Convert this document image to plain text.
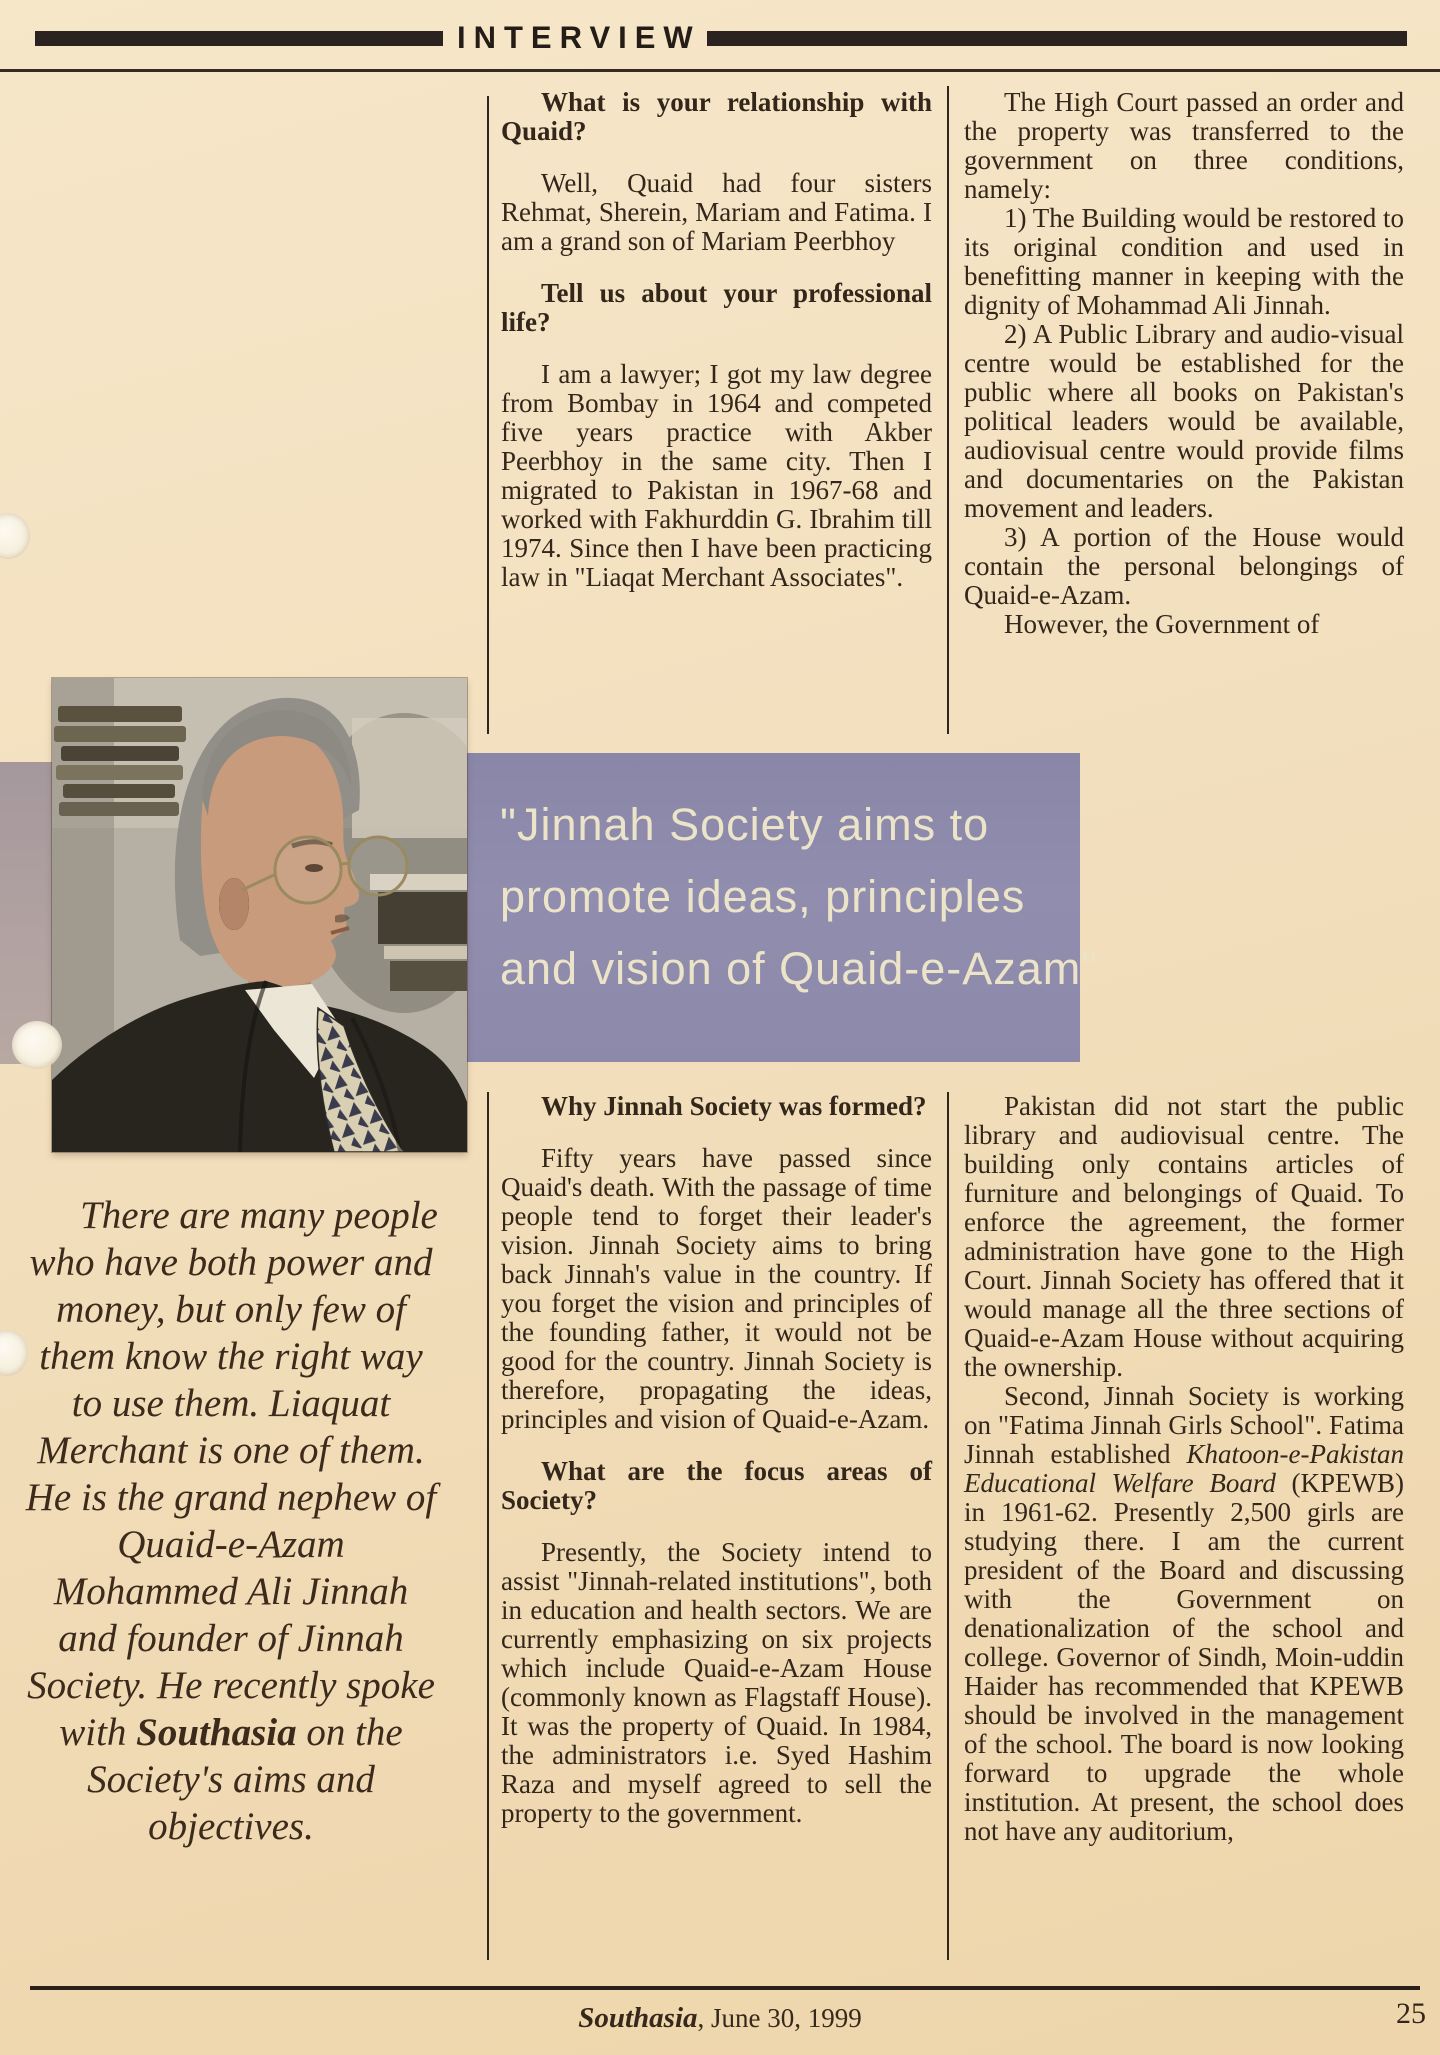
INTERVIEW

What is your relationship with Quaid?

Well, Quaid had four sisters Rehmat, Sherein, Mariam and Fatima. I am a grand son of Mariam Peerbhoy

Tell us about your professional life?

I am a lawyer; I got my law degree from Bombay in 1964 and competed five years practice with Akber Peerbhoy in the same city. Then I migrated to Pakistan in 1967-68 and worked with Fakhurddin G. Ibrahim till 1974. Since then I have been practicing law in "Liaqat Merchant Associates".

The High Court passed an order and the property was transferred to the government on three conditions, namely:

1) The Building would be restored to its original condition and used in benefitting manner in keeping with the dignity of Mohammad Ali Jinnah.

2) A Public Library and audio-visual centre would be established for the public where all books on Pakistan's political leaders would be available, audiovisual centre would provide films and documentaries on the Pakistan movement and leaders.

3) A portion of the House would contain the personal belongings of Quaid-e-Azam.

However, the Government of

"Jinnah Society aims to
promote ideas, principles
and vision of Quaid-e-Azam"
There are many people who have both power and money, but only few of them know the right way to use them. Liaquat Merchant is one of them. He is the grand nephew of Quaid-e-Azam Mohammed Ali Jinnah and founder of Jinnah Society. He recently spoke with Southasia on the Society's aims and objectives.

Why Jinnah Society was formed?

Fifty years have passed since Quaid's death. With the passage of time people tend to forget their leader's vision. Jinnah Society aims to bring back Jinnah's value in the country. If you forget the vision and principles of the founding father, it would not be good for the country. Jinnah Society is therefore, propagating the ideas, principles and vision of Quaid-e-Azam.

What are the focus areas of Society?

Presently, the Society intend to assist "Jinnah-related institutions", both in education and health sectors. We are currently emphasizing on six projects which include Quaid-e-Azam House (commonly known as Flagstaff House). It was the property of Quaid. In 1984, the administrators i.e. Syed Hashim Raza and myself agreed to sell the property to the government.

Pakistan did not start the public library and audiovisual centre. The building only contains articles of furniture and belongings of Quaid. To enforce the agreement, the former administration have gone to the High Court. Jinnah Society has offered that it would manage all the three sections of Quaid-e-Azam House without acquiring the ownership.

Second, Jinnah Society is working on "Fatima Jinnah Girls School". Fatima Jinnah established Khatoon-e-Pakistan Educational Welfare Board (KPEWB) in 1961-62. Presently 2,500 girls are studying there. I am the current president of the Board and discussing with the Government on denationalization of the school and college. Governor of Sindh, Moin-uddin Haider has recommended that KPEWB should be involved in the management of the school. The board is now looking forward to upgrade the whole institution. At present, the school does not have any auditorium,

Southasia, June 30, 1999	25
